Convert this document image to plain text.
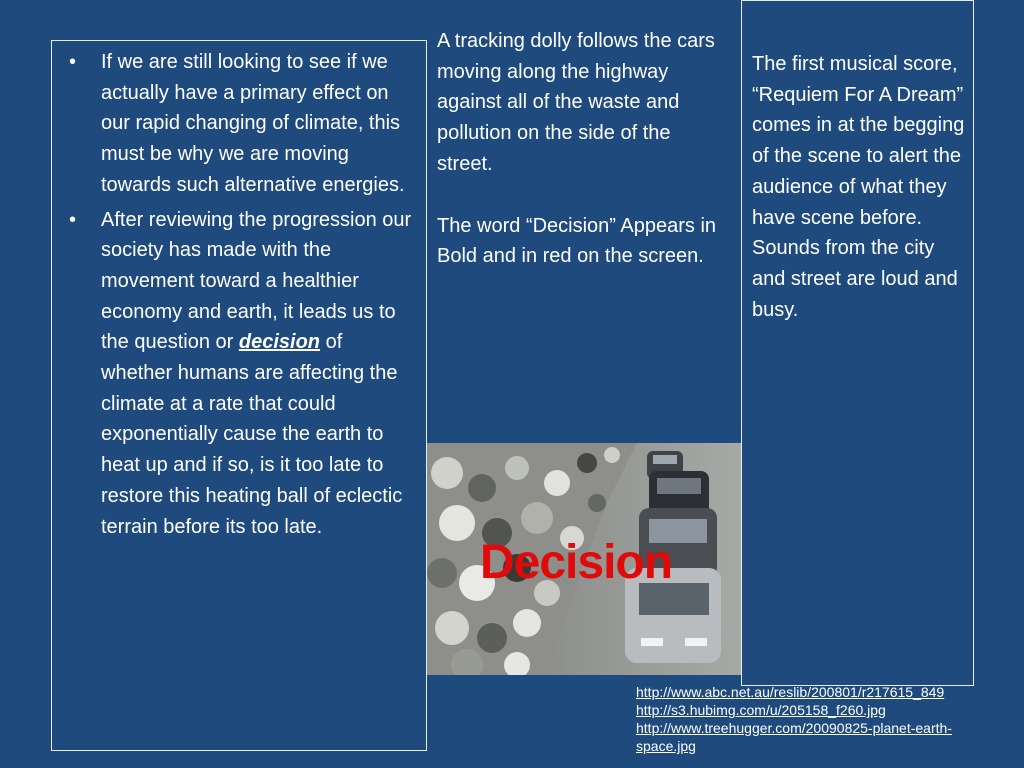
• If we are still looking to see if we actually have a primary effect on our rapid changing of climate, this must be why we are moving towards such alternative energies.
• After reviewing the progression our society has made with the movement toward a healthier economy and earth, it leads us to the question or decision of whether humans are affecting the climate at a rate that could exponentially cause the earth to heat up and if so, is it too late to restore this heating ball of eclectic terrain before its too late.

A tracking dolly follows the cars moving along the highway against all of the waste and pollution on the side of the street.

The word “Decision” Appears in Bold and in red on the screen.

The first musical score, “Requiem For A Dream” comes in at the begging of the scene to alert the audience of what they have scene before. Sounds from the city and street are loud and busy.

Decision
http://www.abc.net.au/reslib/200801/r217615_849
http://s3.hubimg.com/u/205158_f260.jpg
http://www.treehugger.com/20090825-planet-earth-
space.jpg
